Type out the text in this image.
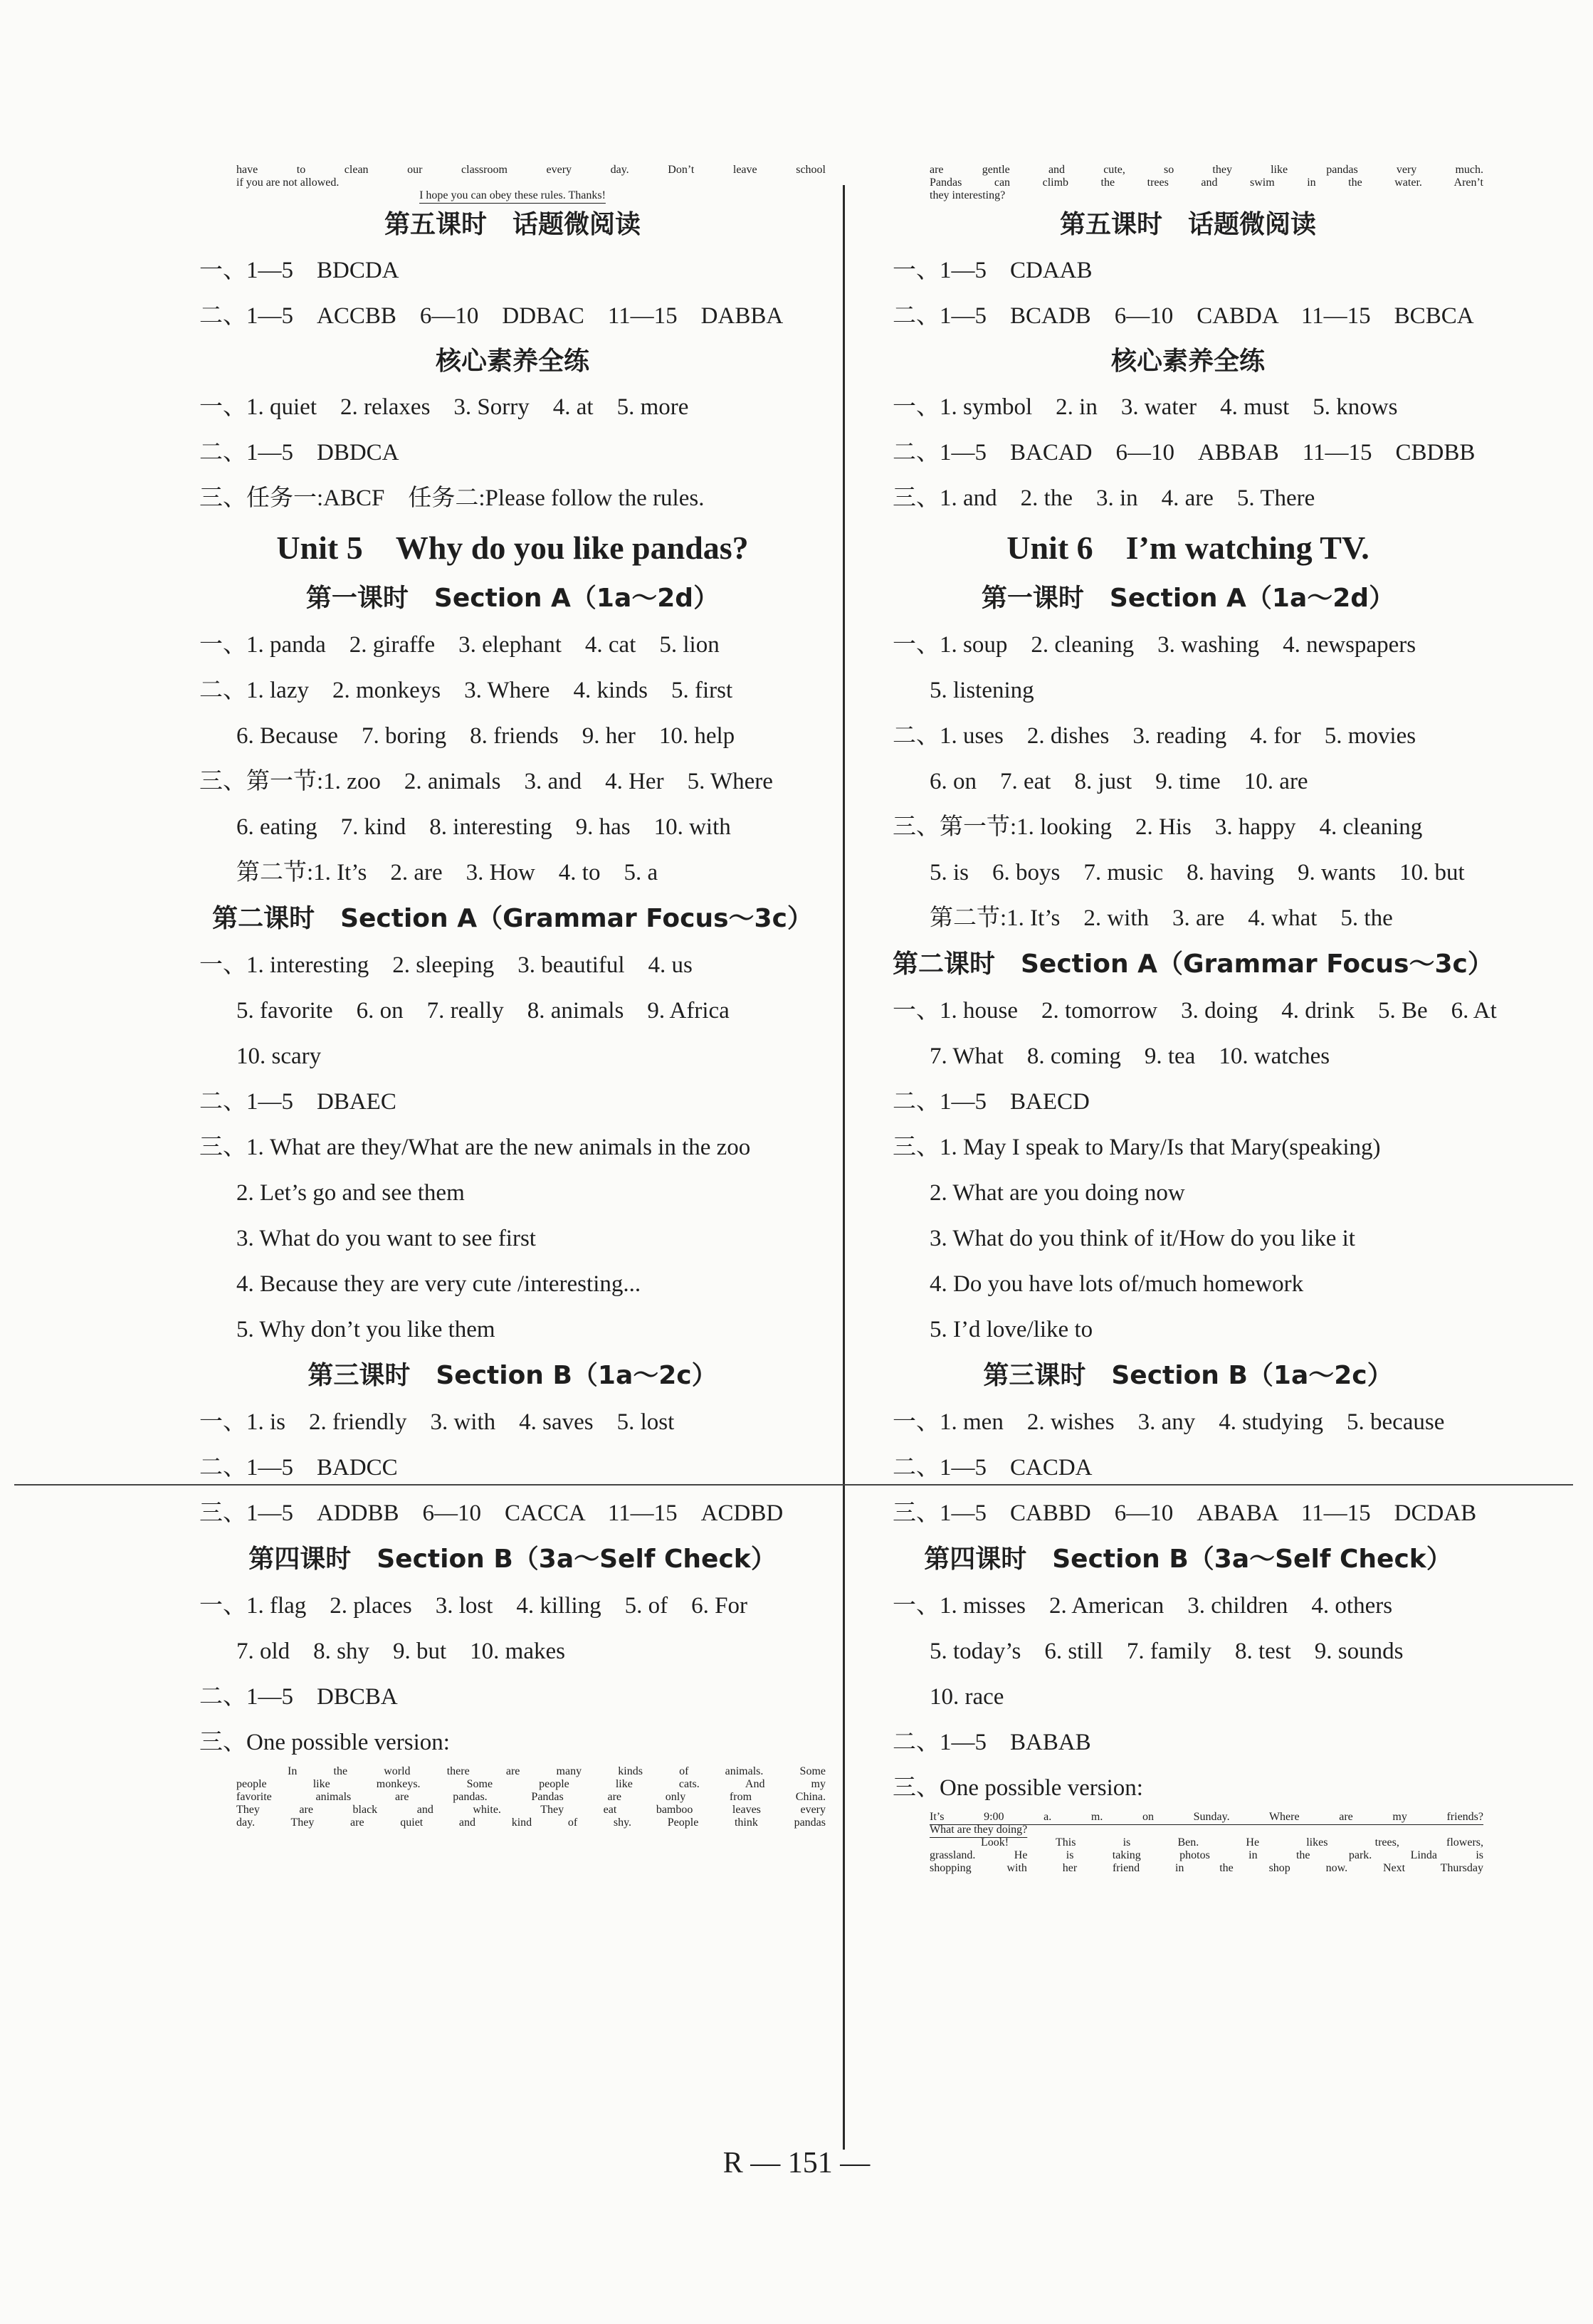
have to clean our classroom every day. Don’t leave school
if you are not allowed.
I hope you can obey these rules. Thanks!
第五课时　话题微阅读
一、1—5　BDCDA
二、1—5　ACCBB　6—10　DDBAC　11—15　DABBA
核心素养全练
一、1. quiet　2. relaxes　3. Sorry　4. at　5. more
二、1—5　DBDCA
三、任务一:ABCF　任务二:Please follow the rules.
Unit 5　Why do you like pandas?
第一课时　Section A（1a～2d）
一、1. panda　2. giraffe　3. elephant　4. cat　5. lion
二、1. lazy　2. monkeys　3. Where　4. kinds　5. first
6. Because　7. boring　8. friends　9. her　10. help
三、第一节:1. zoo　2. animals　3. and　4. Her　5. Where
6. eating　7. kind　8. interesting　9. has　10. with
第二节:1. It’s　2. are　3. How　4. to　5. a
第二课时　Section A（Grammar Focus～3c）
一、1. interesting　2. sleeping　3. beautiful　4. us
5. favorite　6. on　7. really　8. animals　9. Africa
10. scary
二、1—5　DBAEC
三、1. What are they/What are the new animals in the zoo
2. Let’s go and see them
3. What do you want to see first
4. Because they are very cute /interesting...
5. Why don’t you like them
第三课时　Section B（1a～2c）
一、1. is　2. friendly　3. with　4. saves　5. lost
二、1—5　BADCC
三、1—5　ADDBB　6—10　CACCA　11—15　ACDBD
第四课时　Section B（3a～Self Check）
一、1. flag　2. places　3. lost　4. killing　5. of　6. For
7. old　8. shy　9. but　10. makes
二、1—5　DBCBA
三、One possible version:
In the world there are many kinds of animals. Some
people like monkeys. Some people like cats. And my
favorite animals are pandas. Pandas are only from China.
They are black and white. They eat bamboo leaves every
day. They are quiet and kind of shy. People think pandas
are gentle and cute, so they like pandas very much.
Pandas can climb the trees and swim in the water. Aren’t
they interesting?
第五课时　话题微阅读
一、1—5　CDAAB
二、1—5　BCADB　6—10　CABDA　11—15　BCBCA
核心素养全练
一、1. symbol　2. in　3. water　4. must　5. knows
二、1—5　BACAD　6—10　ABBAB　11—15　CBDBB
三、1. and　2. the　3. in　4. are　5. There
Unit 6　I’m watching TV.
第一课时　Section A（1a～2d）
一、1. soup　2. cleaning　3. washing　4. newspapers
5. listening
二、1. uses　2. dishes　3. reading　4. for　5. movies
6. on　7. eat　8. just　9. time　10. are
三、第一节:1. looking　2. His　3. happy　4. cleaning
5. is　6. boys　7. music　8. having　9. wants　10. but
第二节:1. It’s　2. with　3. are　4. what　5. the
第二课时　Section A（Grammar Focus～3c）
一、1. house　2. tomorrow　3. doing　4. drink　5. Be　6. At
7. What　8. coming　9. tea　10. watches
二、1—5　BAECD
三、1. May I speak to Mary/Is that Mary(speaking)
2. What are you doing now
3. What do you think of it/How do you like it
4. Do you have lots of/much homework
5. I’d love/like to
第三课时　Section B（1a～2c）
一、1. men　2. wishes　3. any　4. studying　5. because
二、1—5　CACDA
三、1—5　CABBD　6—10　ABABA　11—15　DCDAB
第四课时　Section B（3a～Self Check）
一、1. misses　2. American　3. children　4. others
5. today’s　6. still　7. family　8. test　9. sounds
10. race
二、1—5　BABAB
三、One possible version:
It’s 9:00 a. m. on Sunday. Where are my friends?
What are they doing?
Look! This is Ben. He likes trees, flowers,
grassland. He is taking photos in the park. Linda is
shopping with her friend in the shop now. Next Thursday
R — 151 —
